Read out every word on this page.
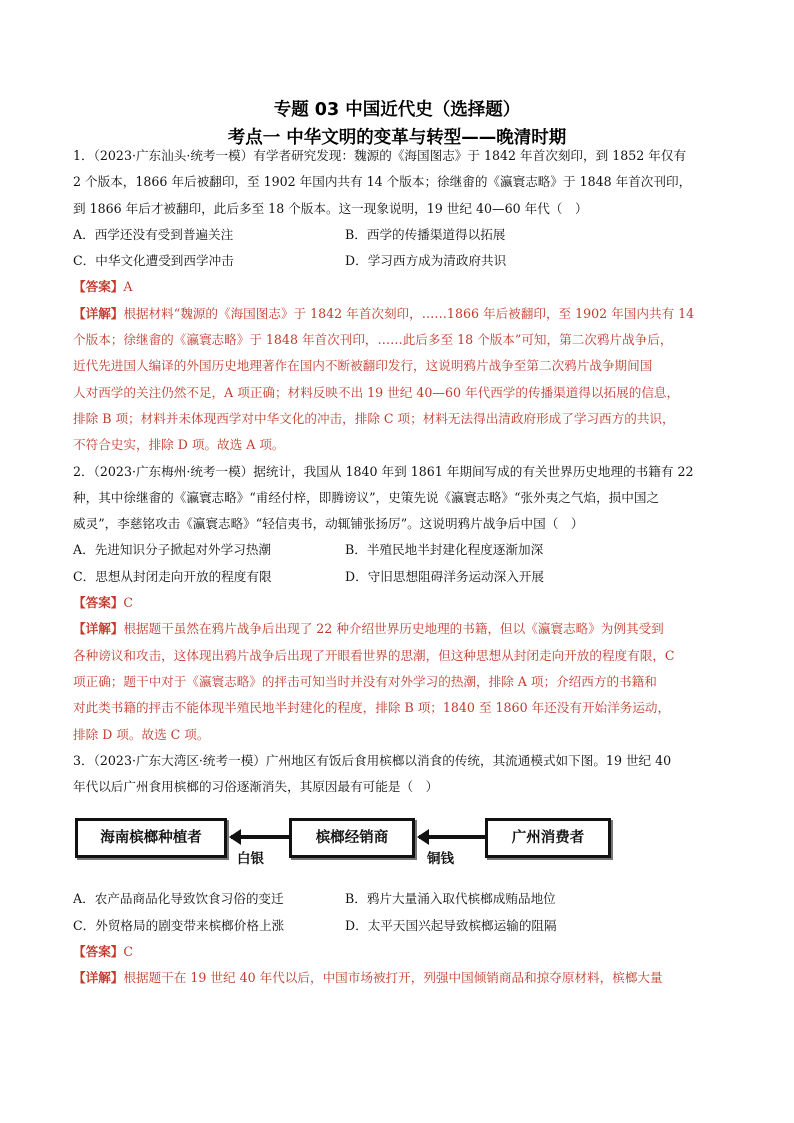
专题 03 中国近代史（选择题）
考点一 中华文明的变革与转型——晚清时期
1．（2023·广东汕头·统考一模）有学者研究发现：魏源的《海国图志》于 1842 年首次刻印，到 1852 年仅有
2 个版本，1866 年后被翻印，至 1902 年国内共有 14 个版本；徐继畬的《瀛寰志略》于 1848 年首次刊印，
到 1866 年后才被翻印，此后多至 18 个版本。这一现象说明，19 世纪 40—60 年代（　）
A．西学还没有受到普遍关注	B．西学的传播渠道得以拓展
C．中华文化遭受到西学冲击	D．学习西方成为清政府共识
【答案】A
【详解】根据材料“魏源的《海国图志》于 1842 年首次刻印，……1866 年后被翻印，至 1902 年国内共有 14
个版本；徐继畬的《瀛寰志略》于 1848 年首次刊印，……此后多至 18 个版本”可知，第二次鸦片战争后，
近代先进国人编译的外国历史地理著作在国内不断被翻印发行，这说明鸦片战争至第二次鸦片战争期间国
人对西学的关注仍然不足，A 项正确；材料反映不出 19 世纪 40—60 年代西学的传播渠道得以拓展的信息，
排除 B 项；材料并未体现西学对中华文化的冲击，排除 C 项；材料无法得出清政府形成了学习西方的共识，
不符合史实，排除 D 项。故选 A 项。
2．（2023·广东梅州·统考一模）据统计，我国从 1840 年到 1861 年期间写成的有关世界历史地理的书籍有 22
种，其中徐继畬的《瀛寰志略》“甫经付梓，即腾谤议”，史策先说《瀛寰志略》“张外夷之气焰，损中国之
威灵”，李慈铭攻击《瀛寰志略》“轻信夷书，动辄铺张扬厉”。这说明鸦片战争后中国（　）
A．先进知识分子掀起对外学习热潮	B．半殖民地半封建化程度逐渐加深
C．思想从封闭走向开放的程度有限	D．守旧思想阻碍洋务运动深入开展
【答案】C
【详解】根据题干虽然在鸦片战争后出现了 22 种介绍世界历史地理的书籍，但以《瀛寰志略》为例其受到
各种谤议和攻击，这体现出鸦片战争后出现了开眼看世界的思潮，但这种思想从封闭走向开放的程度有限，C
项正确；题干中对于《瀛寰志略》的抨击可知当时并没有对外学习的热潮，排除 A 项；介绍西方的书籍和
对此类书籍的抨击不能体现半殖民地半封建化的程度，排除 B 项；1840 至 1860 年还没有开始洋务运动，
排除 D 项。故选 C 项。
3．（2023·广东大湾区·统考一模）广州地区有饭后食用槟榔以消食的传统，其流通模式如下图。19 世纪 40
年代以后广州食用槟榔的习俗逐渐消失，其原因最有可能是（　）
海南槟榔种植者
白银
槟榔经销商
铜钱
广州消费者
A．农产品商品化导致饮食习俗的变迁	B．鸦片大量涌入取代槟榔成贿品地位
C．外贸格局的剧变带来槟榔价格上涨	D．太平天国兴起导致槟榔运输的阻隔
【答案】C
【详解】根据题干在 19 世纪 40 年代以后，中国市场被打开，列强中国倾销商品和掠夺原材料，槟榔大量
